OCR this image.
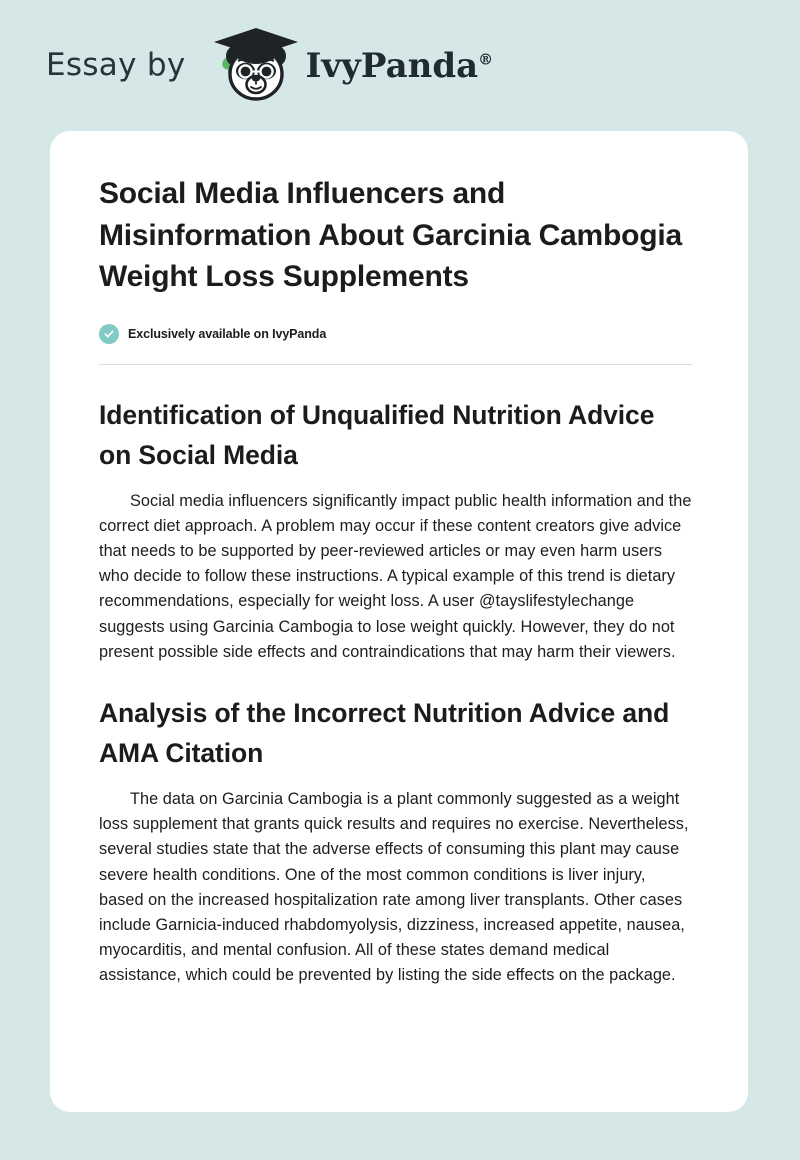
Essay by	IvyPanda®
Social Media Influencers and Misinformation About Garcinia Cambogia Weight Loss Supplements
Exclusively available on IvyPanda
Identification of Unqualified Nutrition Advice on Social Media

Social media influencers significantly impact public health information and the correct diet approach. A problem may occur if these content creators give advice that needs to be supported by peer-reviewed articles or may even harm users who decide to follow these instructions. A typical example of this trend is dietary recommendations, especially for weight loss. A user @tayslifestylechange suggests using Garcinia Cambogia to lose weight quickly. However, they do not present possible side effects and contraindications that may harm their viewers.

Analysis of the Incorrect Nutrition Advice and AMA Citation

The data on Garcinia Cambogia is a plant commonly suggested as a weight loss supplement that grants quick results and requires no exercise. Nevertheless, several studies state that the adverse effects of consuming this plant may cause severe health conditions. One of the most common conditions is liver injury, based on the increased hospitalization rate among liver transplants. Other cases include Garnicia-induced rhabdomyolysis, dizziness, increased appetite, nausea, myocarditis, and mental confusion. All of these states demand medical assistance, which could be prevented by listing the side effects on the package.
